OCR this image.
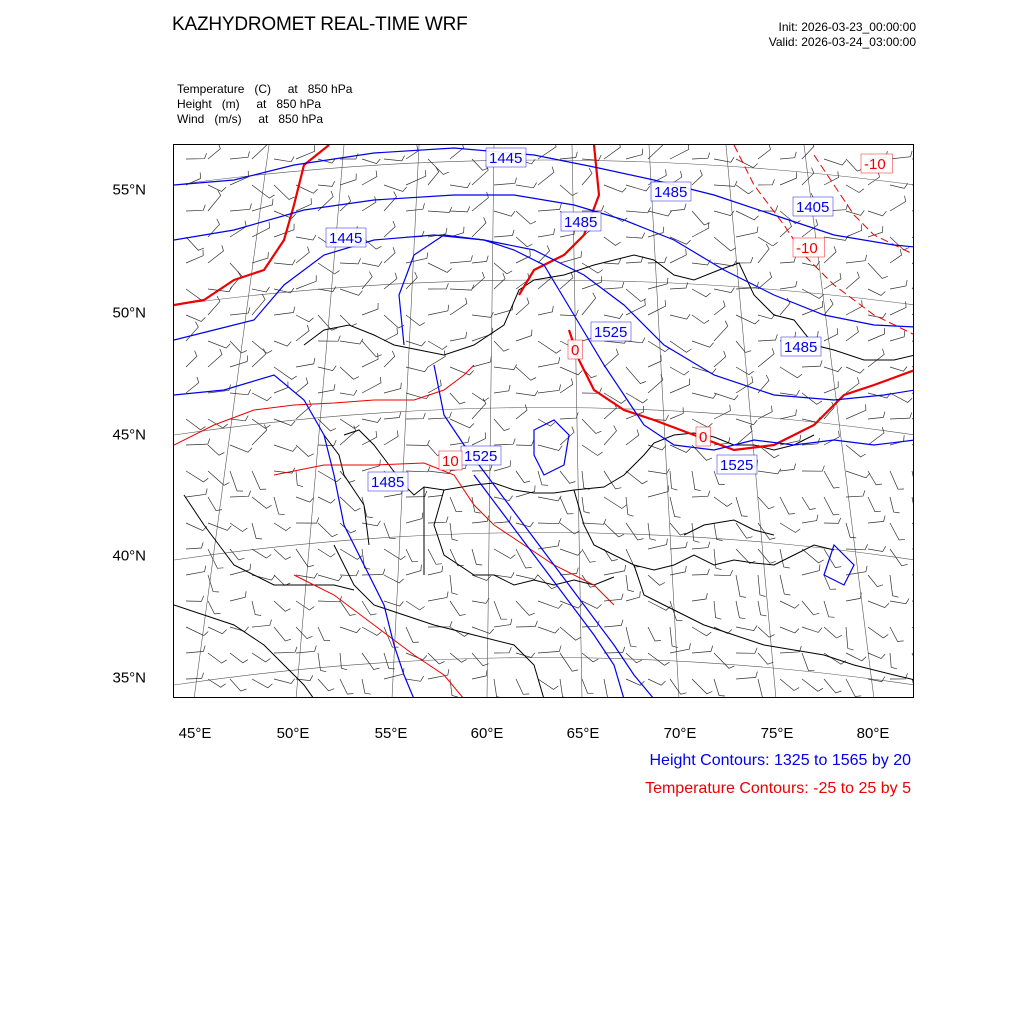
KAZHYDROMET REAL-TIME WRF	Init: 2026-03-23_00:00:00
Valid: 2026-03-24_03:00:00
Temperature   (C)     at   850 hPa
Height   (m)     at   850 hPa
Wind   (m/s)     at   850 hPa
1445
1485
1445
1485
1405
1525
1485
1525
1485
1525
-10
-10
0
10
0
55°N
50°N
45°N
40°N
35°N
45°E	50°E	55°E	60°E	65°E	70°E	75°E	80°E
Height Contours: 1325 to 1565 by 20
Temperature Contours: -25 to 25 by 5
